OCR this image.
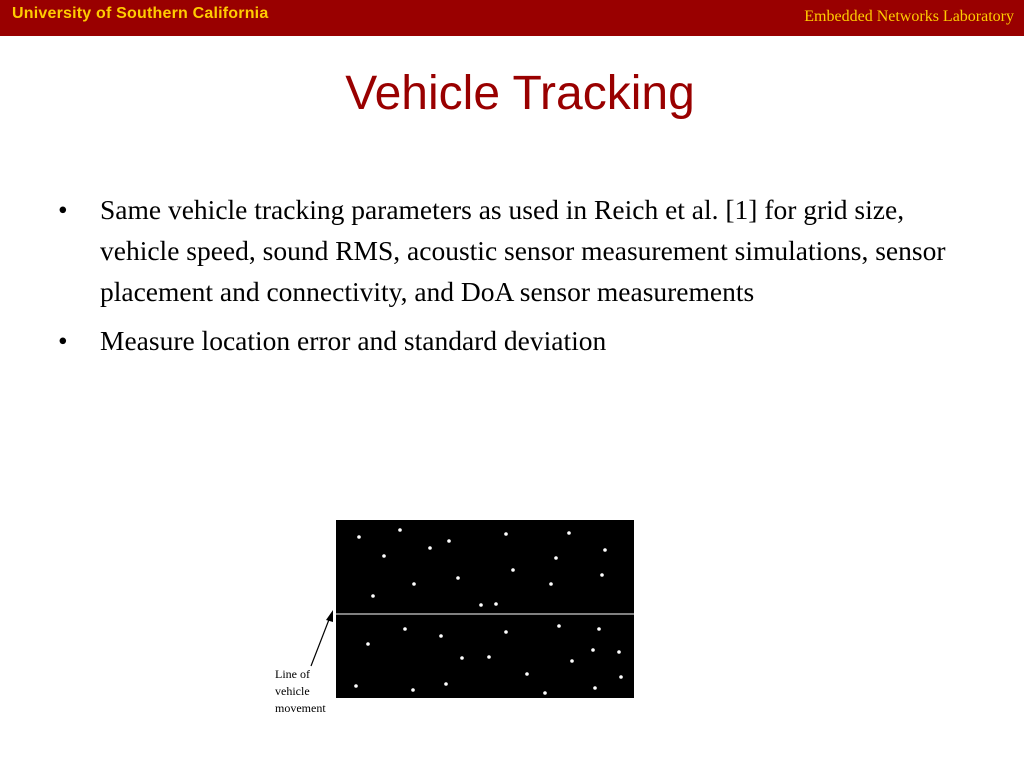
University of Southern California	Embedded Networks Laboratory
Vehicle Tracking
• Same vehicle tracking parameters as used in Reich et al. [1] for grid size, vehicle speed, sound RMS, acoustic sensor measurement simulations, sensor placement and connectivity, and DoA sensor measurements
• Measure location error and standard deviation
Line of
vehicle
movement
